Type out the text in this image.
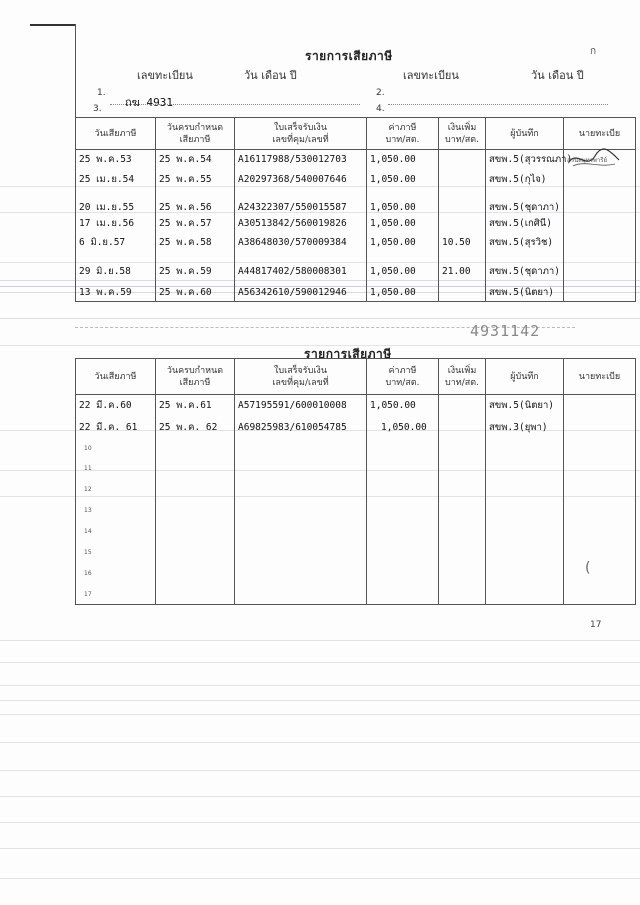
ก
รายการเสียภาษี
เลขทะเบียน	วัน เดือน ปี	เลขทะเบียน	วัน เดือน ปี
1.
ถฆ 4931
2.
3.	4.
วันเสียภาษี	วันครบกำหนด
เสียภาษี	ใบเสร็จรับเงิน
เลขที่คุม/เลขที่	ค่าภาษี
บาท/สต.	เงินเพิ่ม
บาท/สต.	ผู้บันทึก	นายทะเบีย
25 พ.ค.53	25 พ.ค.54	A16117988/530012703	1,050.00		สขพ.5(สุวรรณภา)	สวนสมุทรพารีย์
25 เม.ย.54	25 พ.ค.55	A20297368/540007646	1,050.00		สขพ.5(กุไจ)	
20 เม.ย.55	25 พ.ค.56	A24322307/550015587	1,050.00		สขพ.5(ชุดาภา)	
17 เม.ย.56	25 พ.ค.57	A30513842/560019826	1,050.00		สขพ.5(เกศินี)	
6 มิ.ย.57	25 พ.ค.58	A38648030/570009384	1,050.00	10.50	สขพ.5(สุรวิช)	
29 มิ.ย.58	25 พ.ค.59	A44817402/580008301	1,050.00	21.00	สขพ.5(ชุดาภา)	
13 พ.ค.59	25 พ.ค.60	A56342610/590012946	1,050.00		สขพ.5(นิตยา)	
4931142
รายการเสียภาษี
วันเสียภาษี	วันครบกำหนด
เสียภาษี	ใบเสร็จรับเงิน
เลขที่คุม/เลขที่	ค่าภาษี
บาท/สต.	เงินเพิ่ม
บาท/สต.	ผู้บันทึก	นายทะเบีย
22 มี.ค.60	25 พ.ค.61	A57195591/600010008	1,050.00		สขพ.5(นิตยา)	
22 มี.ค. 61	25 พ.ค. 62	A69825983/610054785	1,050.00		สขพ.3(ยุพา)	

10
11
12
13
14
15
16
17
(
17
